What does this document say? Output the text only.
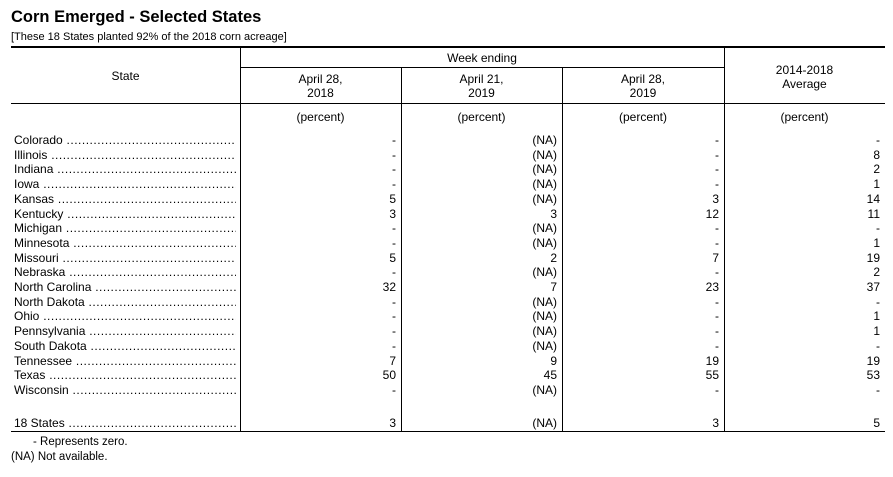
Corn Emerged - Selected States
[These 18 States planted 92% of the 2018 corn acreage]
State
Week ending
April 28,
2018
April 21,
2019
April 28,
2019
2014-2018
Average
(percent)	(percent)	(percent)	(percent)
Colorado .....	-	(NA)	-	-
Illinois .....	-	(NA)	-	8
Indiana .....	-	(NA)	-	2
Iowa .....	-	(NA)	-	1
Kansas .....	5	(NA)	3	14
Kentucky .....	3	3	12	11
Michigan .....	-	(NA)	-	-
Minnesota .....	-	(NA)	-	1
Missouri .....	5	2	7	19
Nebraska .....	-	(NA)	-	2
North Carolina .....	32	7	23	37
North Dakota .....	-	(NA)	-	-
Ohio .....	-	(NA)	-	1
Pennsylvania .....	-	(NA)	-	1
South Dakota .....	-	(NA)	-	-
Tennessee .....	7	9	19	19
Texas .....	50	45	55	53
Wisconsin .....	-	(NA)	-	-
18 States .....	3	(NA)	3	5
- Represents zero.
(NA) Not available.
